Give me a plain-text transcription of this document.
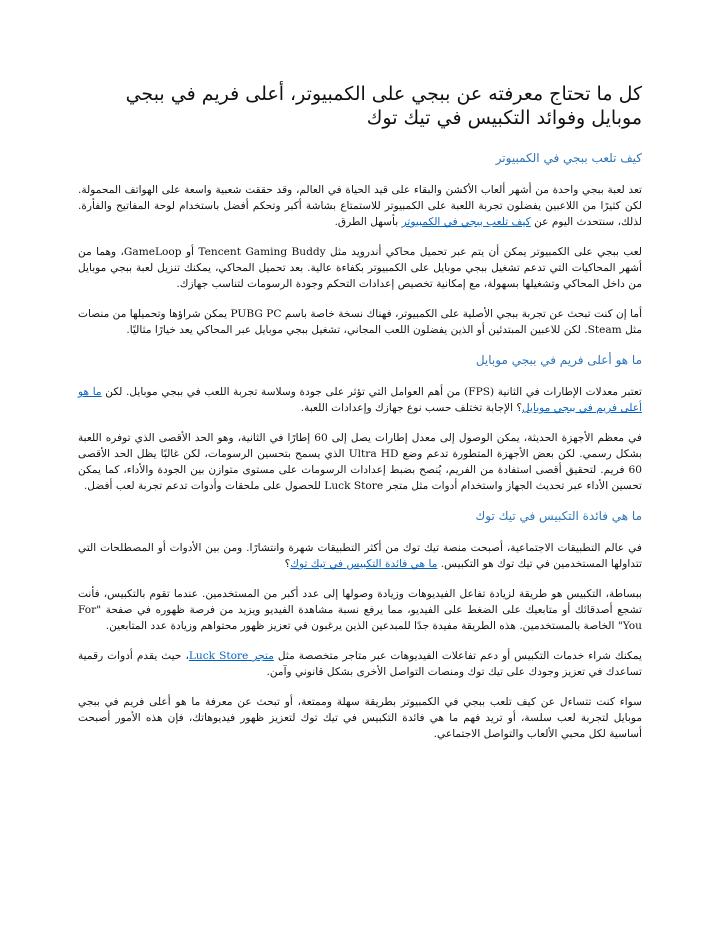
كل ما تحتاج معرفته عن ببجي على الكمبيوتر، أعلى فريم في ببجي موبايل وفوائد التكبيس في تيك توك
كيف تلعب ببجي في الكمبيوتر

تعد لعبة ببجي واحدة من أشهر ألعاب الأكشن والبقاء على قيد الحياة في العالم، وقد حققت شعبية واسعة على الهواتف المحمولة. لكن كثيرًا من اللاعبين يفضلون تجربة اللعبة على الكمبيوتر للاستمتاع بشاشة أكبر وتحكم أفضل باستخدام لوحة المفاتيح والفأرة. لذلك، سنتحدث اليوم عن كيف تلعب ببجي في الكمبيوتر بأسهل الطرق.

لعب ببجي على الكمبيوتر يمكن أن يتم عبر تحميل محاكي أندرويد مثل Tencent Gaming Buddy أو GameLoop، وهما من أشهر المحاكيات التي تدعم تشغيل ببجي موبايل على الكمبيوتر بكفاءة عالية. بعد تحميل المحاكي، يمكنك تنزيل لعبة ببجي موبايل من داخل المحاكي وتشغيلها بسهولة، مع إمكانية تخصيص إعدادات التحكم وجودة الرسومات لتناسب جهازك.

أما إن كنت تبحث عن تجربة ببجي الأصلية على الكمبيوتر، فهناك نسخة خاصة باسم PUBG PC يمكن شراؤها وتحميلها من منصات مثل Steam. لكن للاعبين المبتدئين أو الذين يفضلون اللعب المجاني، تشغيل ببجي موبايل عبر المحاكي يعد خيارًا مثاليًا.

ما هو أعلى فريم في ببجي موبايل

تعتبر معدلات الإطارات في الثانية (FPS) من أهم العوامل التي تؤثر على جودة وسلاسة تجربة اللعب في ببجي موبايل. لكن ما هو أعلى فريم في ببجي موبايل؟ الإجابة تختلف حسب نوع جهازك وإعدادات اللعبة.

في معظم الأجهزة الحديثة، يمكن الوصول إلى معدل إطارات يصل إلى 60 إطارًا في الثانية، وهو الحد الأقصى الذي توفره اللعبة بشكل رسمي. لكن بعض الأجهزة المتطورة تدعم وضع Ultra HD الذي يسمح بتحسين الرسومات، لكن غالبًا يظل الحد الأقصى 60 فريم. لتحقيق أقصى استفادة من الفريم، يُنصح بضبط إعدادات الرسومات على مستوى متوازن بين الجودة والأداء، كما يمكن تحسين الأداء عبر تحديث الجهاز واستخدام أدوات مثل متجر Luck Store للحصول على ملحقات وأدوات تدعم تجربة لعب أفضل.

ما هي فائدة التكبيس في تيك توك

في عالم التطبيقات الاجتماعية، أصبحت منصة تيك توك من أكثر التطبيقات شهرة وانتشارًا. ومن بين الأدوات أو المصطلحات التي تتداولها المستخدمين في تيك توك هو التكبيس. ما هي فائدة التكبيس في تيك توك؟

ببساطة، التكبيس هو طريقة لزيادة تفاعل الفيديوهات وزيادة وصولها إلى عدد أكبر من المستخدمين. عندما تقوم بالتكبيس، فأنت تشجع أصدقائك أو متابعيك على الضغط على الفيديو، مما يرفع نسبة مشاهدة الفيديو ويزيد من فرصة ظهوره في صفحة "For You" الخاصة بالمستخدمين. هذه الطريقة مفيدة جدًا للمبدعين الذين يرغبون في تعزيز ظهور محتواهم وزيادة عدد المتابعين.

يمكنك شراء خدمات التكبيس أو دعم تفاعلات الفيديوهات عبر متاجر متخصصة مثل متجر Luck Store، حيث يقدم أدوات رقمية تساعدك في تعزيز وجودك على تيك توك ومنصات التواصل الأخرى بشكل قانوني وآمن.

سواء كنت تتساءل عن كيف تلعب ببجي في الكمبيوتر بطريقة سهلة وممتعة، أو تبحث عن معرفة ما هو أعلى فريم في ببجي موبايل لتجربة لعب سلسة، أو تريد فهم ما هي فائدة التكبيس في تيك توك لتعزيز ظهور فيديوهاتك، فإن هذه الأمور أصبحت أساسية لكل محبي الألعاب والتواصل الاجتماعي.
